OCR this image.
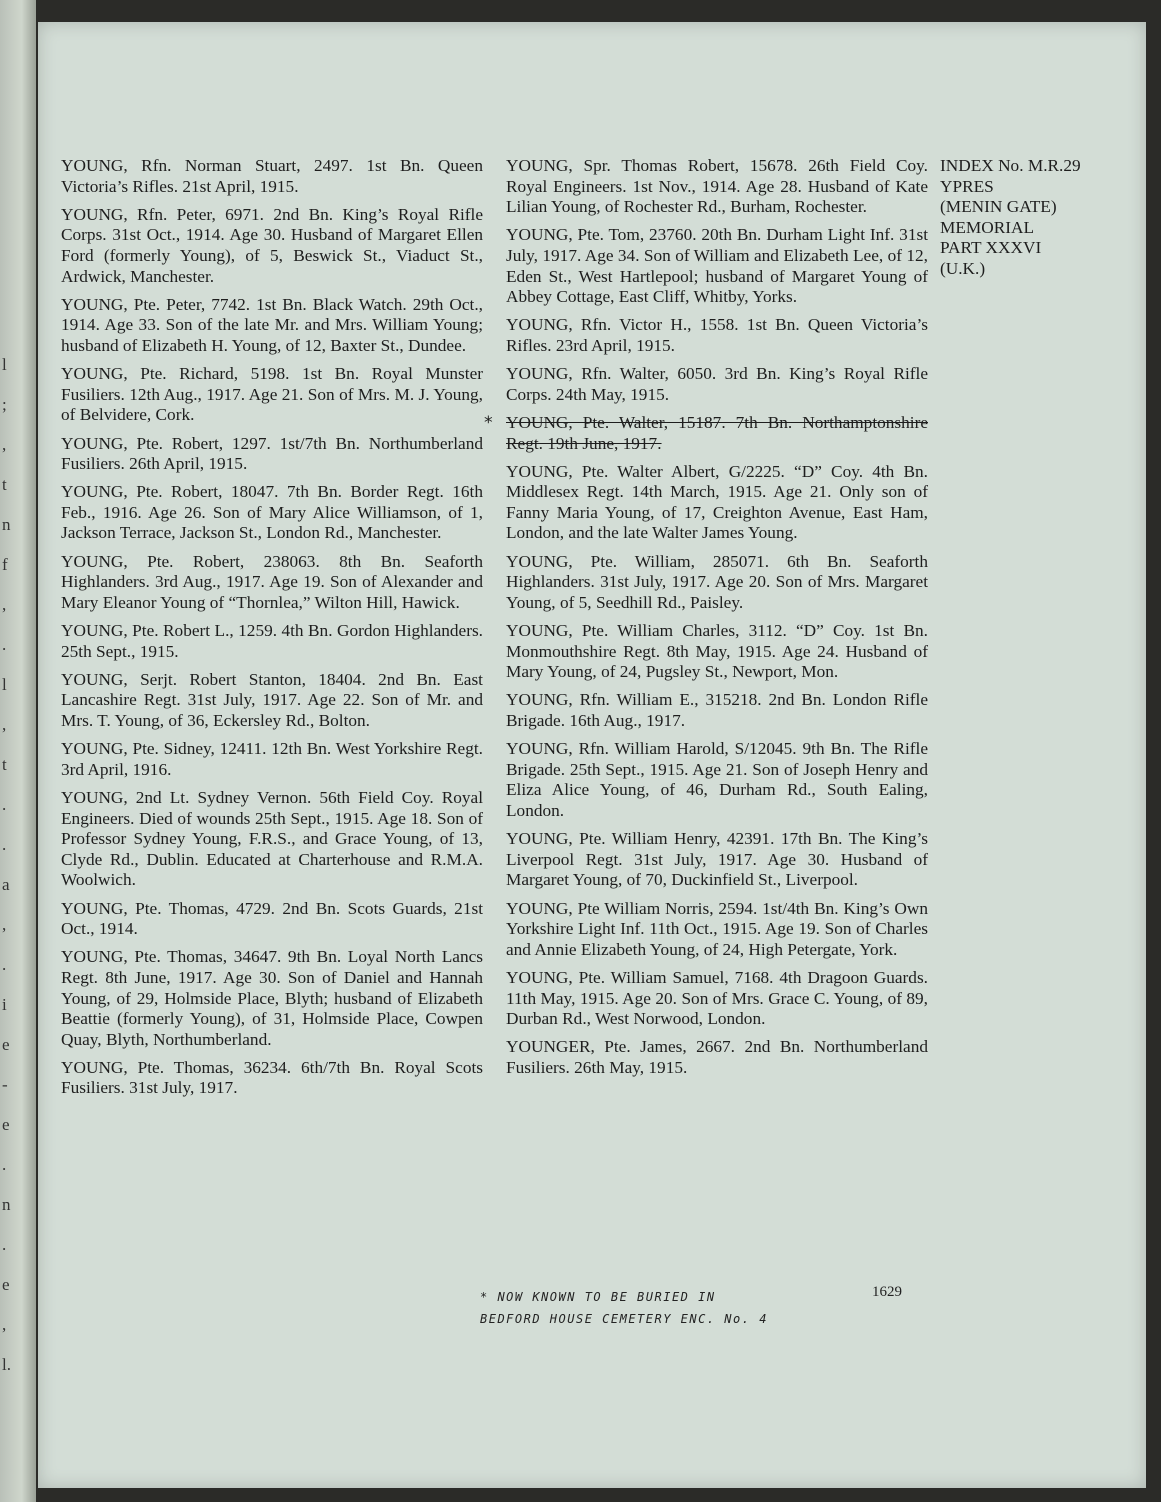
l
;
,
t
n
f
,
.
l
,
t
.
.
a
,
.
i
e
-
e
.
n
.
e
,
l.
YOUNG, Rfn. Norman Stuart, 2497. 1st Bn. Queen Victoria’s Rifles. 21st April, 1915.
YOUNG, Rfn. Peter, 6971. 2nd Bn. King’s Royal Rifle Corps. 31st Oct., 1914. Age 30. Husband of Margaret Ellen Ford (formerly Young), of 5, Beswick St., Viaduct St., Ardwick, Manchester.
YOUNG, Pte. Peter, 7742. 1st Bn. Black Watch. 29th Oct., 1914. Age 33. Son of the late Mr. and Mrs. William Young; husband of Elizabeth H. Young, of 12, Baxter St., Dundee.
YOUNG, Pte. Richard, 5198. 1st Bn. Royal Munster Fusiliers. 12th Aug., 1917. Age 21. Son of Mrs. M. J. Young, of Belvidere, Cork.
YOUNG, Pte. Robert, 1297. 1st/7th Bn. Northumberland Fusiliers. 26th April, 1915.
YOUNG, Pte. Robert, 18047. 7th Bn. Border Regt. 16th Feb., 1916. Age 26. Son of Mary Alice Williamson, of 1, Jackson Terrace, Jackson St., London Rd., Manchester.
YOUNG, Pte. Robert, 238063. 8th Bn. Seaforth Highlanders. 3rd Aug., 1917. Age 19. Son of Alexander and Mary Eleanor Young of “Thornlea,” Wilton Hill, Hawick.
YOUNG, Pte. Robert L., 1259. 4th Bn. Gordon Highlanders. 25th Sept., 1915.
YOUNG, Serjt. Robert Stanton, 18404. 2nd Bn. East Lancashire Regt. 31st July, 1917. Age 22. Son of Mr. and Mrs. T. Young, of 36, Eckersley Rd., Bolton.
YOUNG, Pte. Sidney, 12411. 12th Bn. West Yorkshire Regt. 3rd April, 1916.
YOUNG, 2nd Lt. Sydney Vernon. 56th Field Coy. Royal Engineers. Died of wounds 25th Sept., 1915. Age 18. Son of Professor Sydney Young, F.R.S., and Grace Young, of 13, Clyde Rd., Dublin. Educated at Charterhouse and R.M.A. Woolwich.
YOUNG, Pte. Thomas, 4729. 2nd Bn. Scots Guards, 21st Oct., 1914.
YOUNG, Pte. Thomas, 34647. 9th Bn. Loyal North Lancs Regt. 8th June, 1917. Age 30. Son of Daniel and Hannah Young, of 29, Holmside Place, Blyth; husband of Elizabeth Beattie (formerly Young), of 31, Holmside Place, Cowpen Quay, Blyth, Northumberland.
YOUNG, Pte. Thomas, 36234. 6th/7th Bn. Royal Scots Fusiliers. 31st July, 1917.
YOUNG, Spr. Thomas Robert, 15678. 26th Field Coy. Royal Engineers. 1st Nov., 1914. Age 28. Husband of Kate Lilian Young, of Rochester Rd., Burham, Rochester.
YOUNG, Pte. Tom, 23760. 20th Bn. Durham Light Inf. 31st July, 1917. Age 34. Son of William and Elizabeth Lee, of 12, Eden St., West Hartlepool; husband of Margaret Young of Abbey Cottage, East Cliff, Whitby, Yorks.
YOUNG, Rfn. Victor H., 1558. 1st Bn. Queen Victoria’s Rifles. 23rd April, 1915.
YOUNG, Rfn. Walter, 6050. 3rd Bn. King’s Royal Rifle Corps. 24th May, 1915.
* YOUNG, Pte. Walter, 15187. 7th Bn. Northamptonshire Regt. 19th June, 1917.
YOUNG, Pte. Walter Albert, G/2225. “D” Coy. 4th Bn. Middlesex Regt. 14th March, 1915. Age 21. Only son of Fanny Maria Young, of 17, Creighton Avenue, East Ham, London, and the late Walter James Young.
YOUNG, Pte. William, 285071. 6th Bn. Seaforth Highlanders. 31st July, 1917. Age 20. Son of Mrs. Margaret Young, of 5, Seedhill Rd., Paisley.
YOUNG, Pte. William Charles, 3112. “D” Coy. 1st Bn. Monmouthshire Regt. 8th May, 1915. Age 24. Husband of Mary Young, of 24, Pugsley St., Newport, Mon.
YOUNG, Rfn. William E., 315218. 2nd Bn. London Rifle Brigade. 16th Aug., 1917.
YOUNG, Rfn. William Harold, S/12045. 9th Bn. The Rifle Brigade. 25th Sept., 1915. Age 21. Son of Joseph Henry and Eliza Alice Young, of 46, Durham Rd., South Ealing, London.
YOUNG, Pte. William Henry, 42391. 17th Bn. The King’s Liverpool Regt. 31st July, 1917. Age 30. Husband of Margaret Young, of 70, Duckinfield St., Liverpool.
YOUNG, Pte William Norris, 2594. 1st/4th Bn. King’s Own Yorkshire Light Inf. 11th Oct., 1915. Age 19. Son of Charles and Annie Elizabeth Young, of 24, High Petergate, York.
YOUNG, Pte. William Samuel, 7168. 4th Dragoon Guards. 11th May, 1915. Age 20. Son of Mrs. Grace C. Young, of 89, Durban Rd., West Norwood, London.
YOUNGER, Pte. James, 2667. 2nd Bn. Northumberland Fusiliers. 26th May, 1915.
INDEX No. M.R.29
YPRES
(MENIN GATE)
MEMORIAL
PART XXXVI
(U.K.)
* NOW KNOWN TO BE BURIED IN
BEDFORD HOUSE CEMETERY ENC. No. 4
1629
